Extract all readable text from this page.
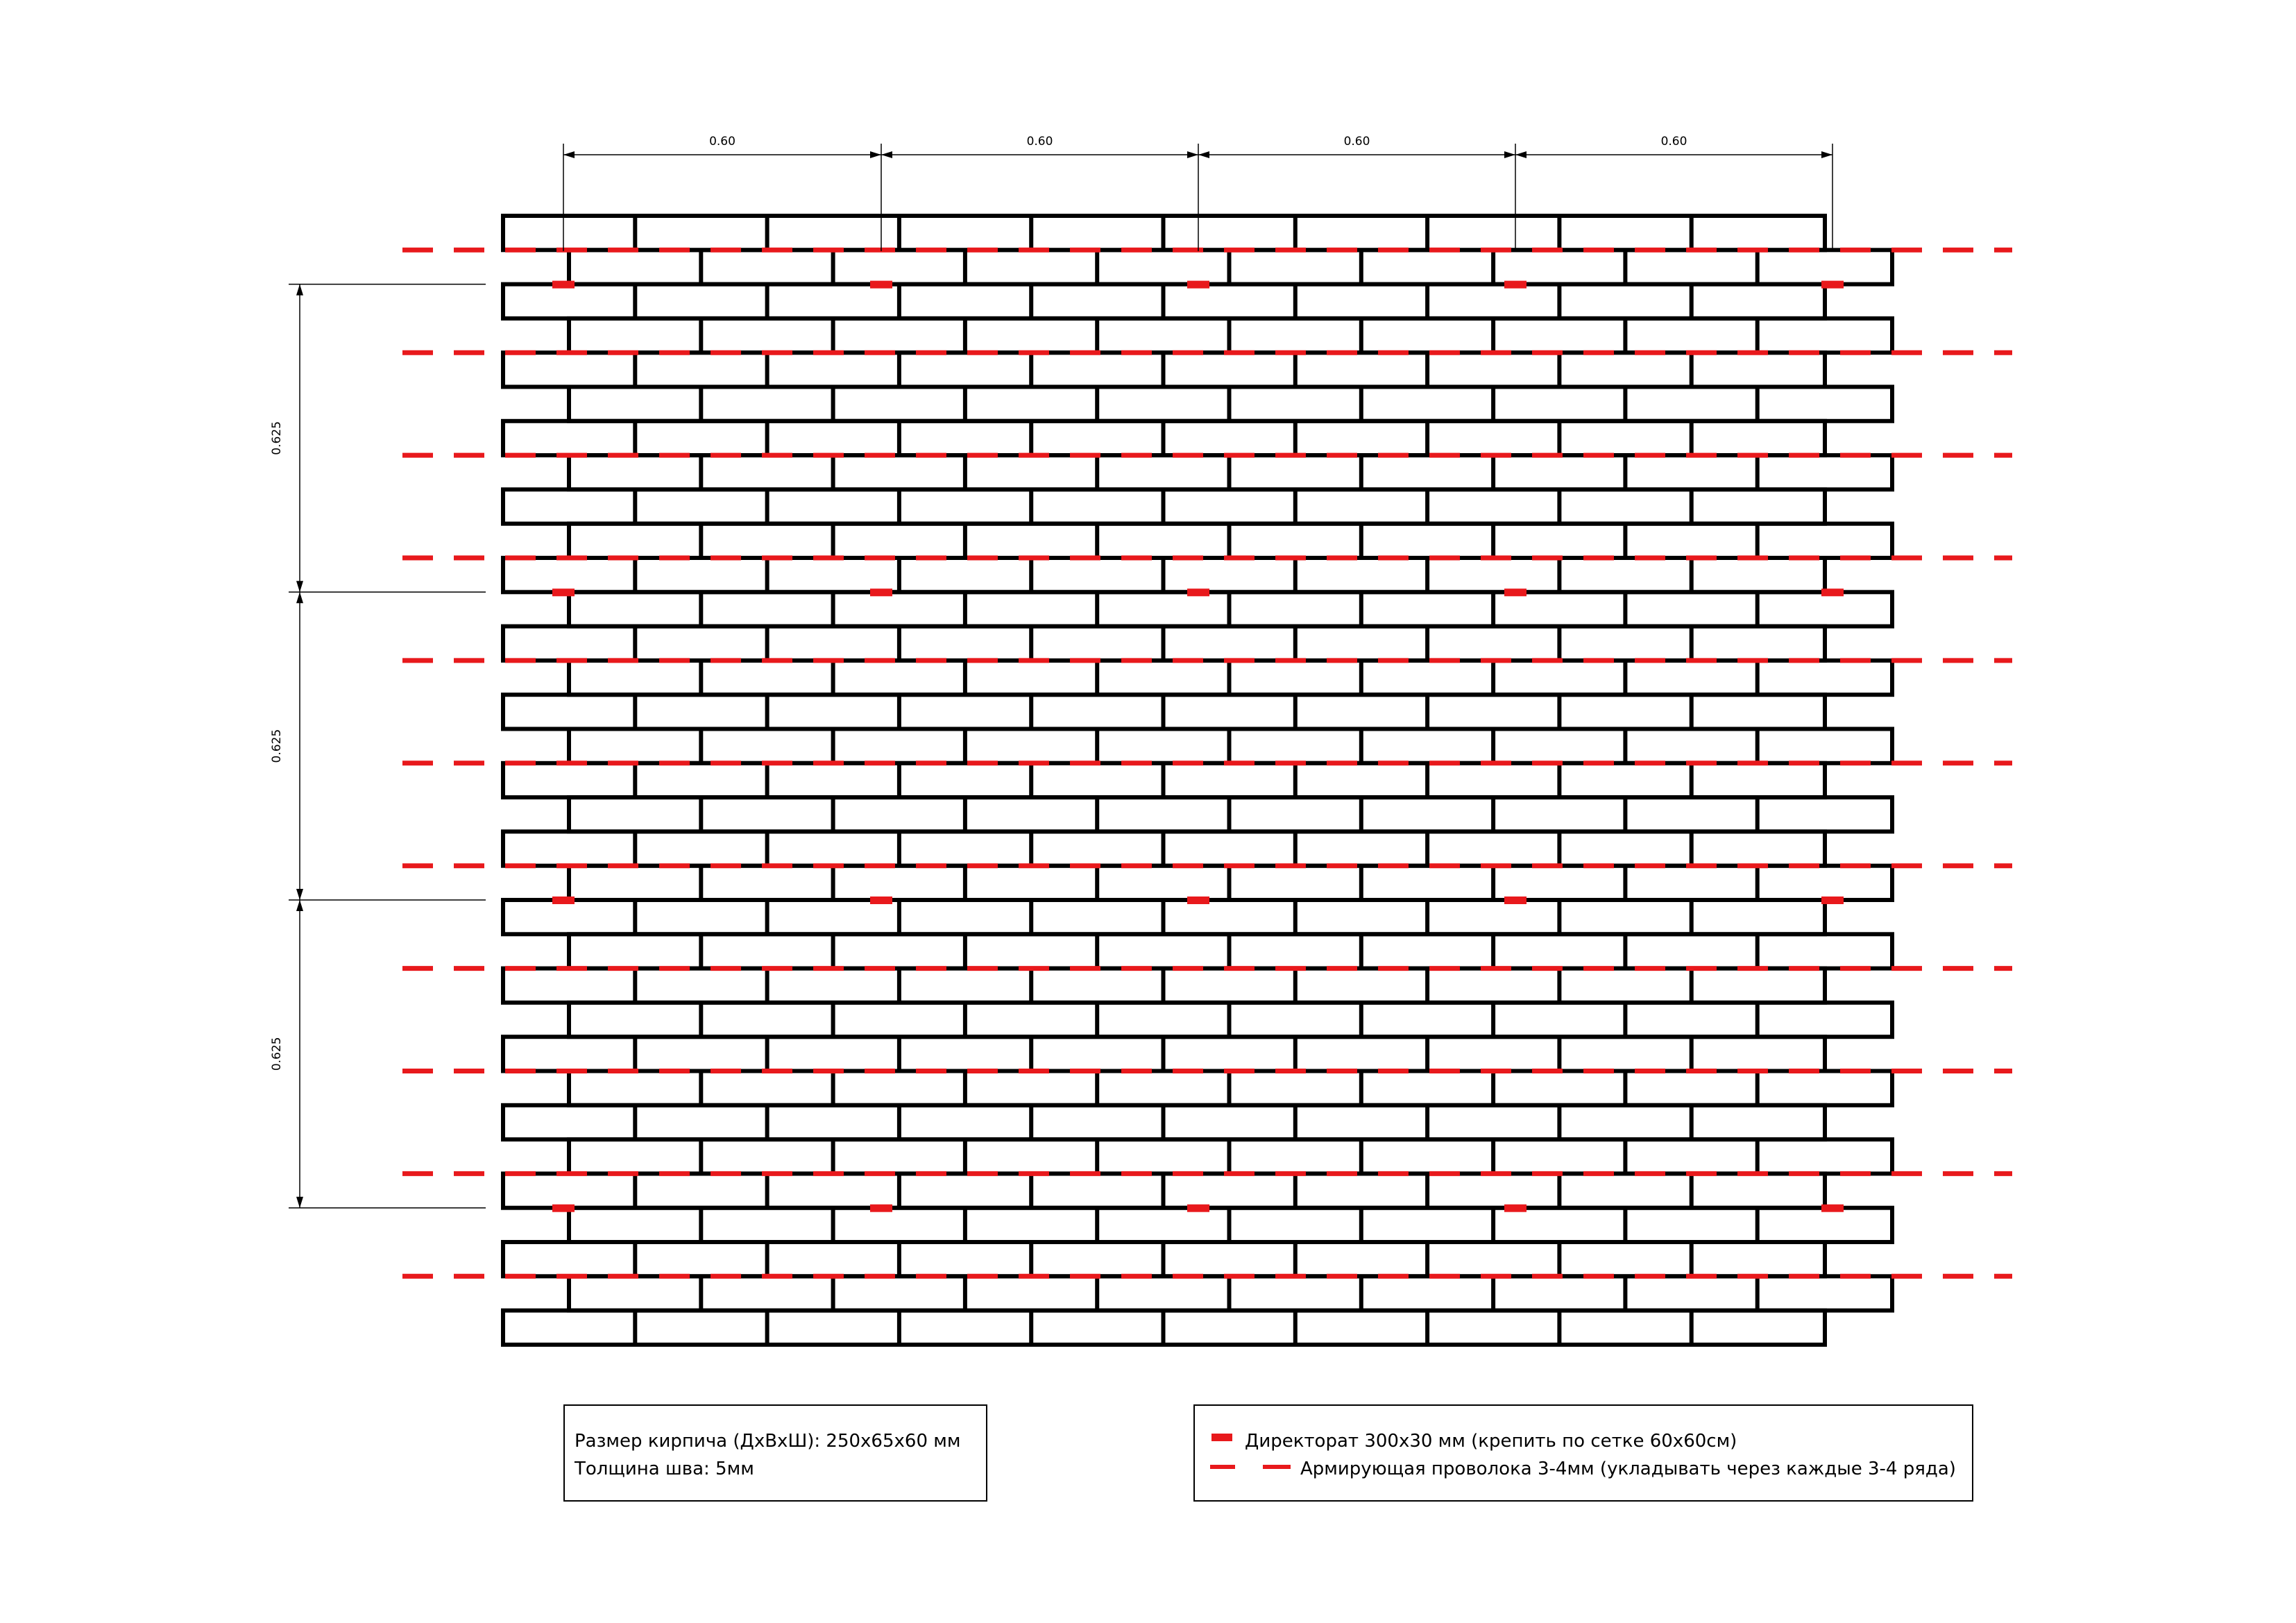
0.60	0.60	0.60	0.60
0.625
0.625
0.625
Размер кирпича (ДхВхШ): 250х65х60 мм
Толщина шва: 5мм
Директорат 300х30 мм (крепить по сетке 60х60см)
Армирующая проволока 3-4мм (укладывать через каждые 3-4 ряда)
